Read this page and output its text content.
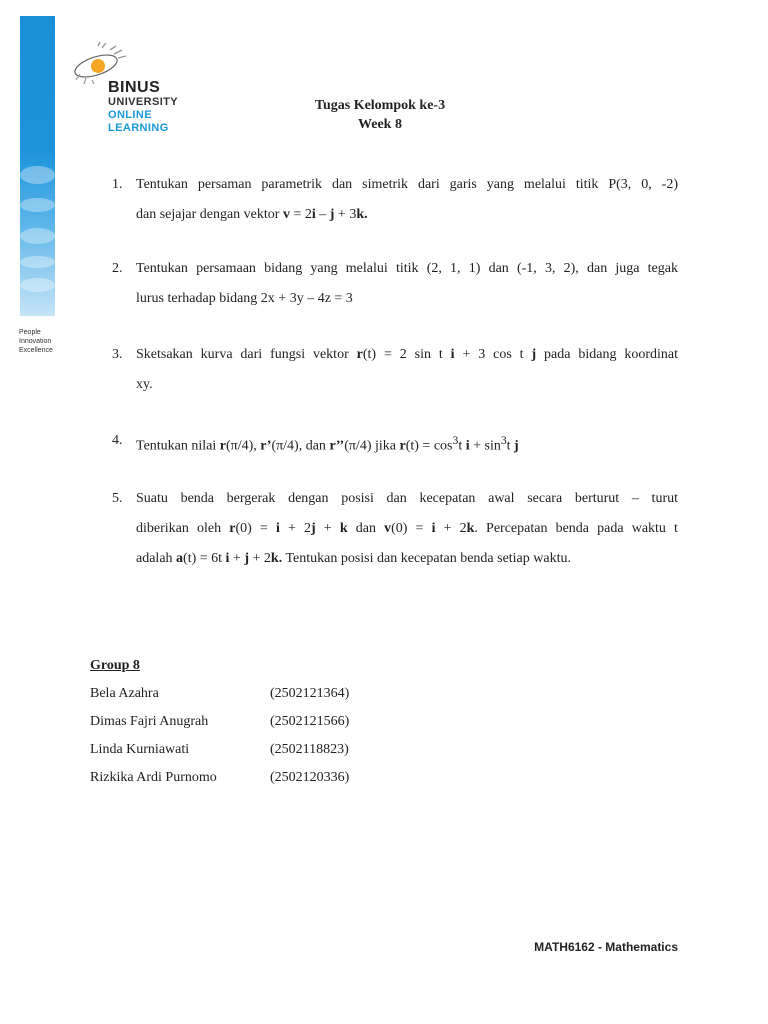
People
Innovation
Excellence
BINUS
UNIVERSITY
ONLINE
LEARNING
Tugas Kelompok ke-3
Week 8
1. Tentukan persaman parametrik dan simetrik dari garis yang melalui titik P(3, 0, -2)
dan sejajar dengan vektor v = 2i – j + 3k.
2. Tentukan persamaan bidang yang melalui titik (2, 1, 1) dan (-1, 3, 2), dan juga tegak
lurus terhadap bidang 2x + 3y – 4z = 3
3. Sketsakan kurva dari fungsi vektor r(t) = 2 sin t i + 3 cos t j pada bidang koordinat
xy.
4. Tentukan nilai r(π/4), r’(π/4), dan r’’(π/4) jika $r(t) = \cos^3t$ $i + \sin^3t$ j
5. Suatu benda bergerak dengan posisi dan kecepatan awal secara berturut – turut
diberikan oleh r(0) = i + 2j + k dan v(0) = i + 2k. Percepatan benda pada waktu t
adalah a(t) = 6t i + j + 2k. Tentukan posisi dan kecepatan benda setiap waktu.
Group 8
Bela Azahra	(2502121364)
Dimas Fajri Anugrah	(2502121566)
Linda Kurniawati	(2502118823)
Rizkika Ardi Purnomo	(2502120336)
MATH6162 - Mathematics
